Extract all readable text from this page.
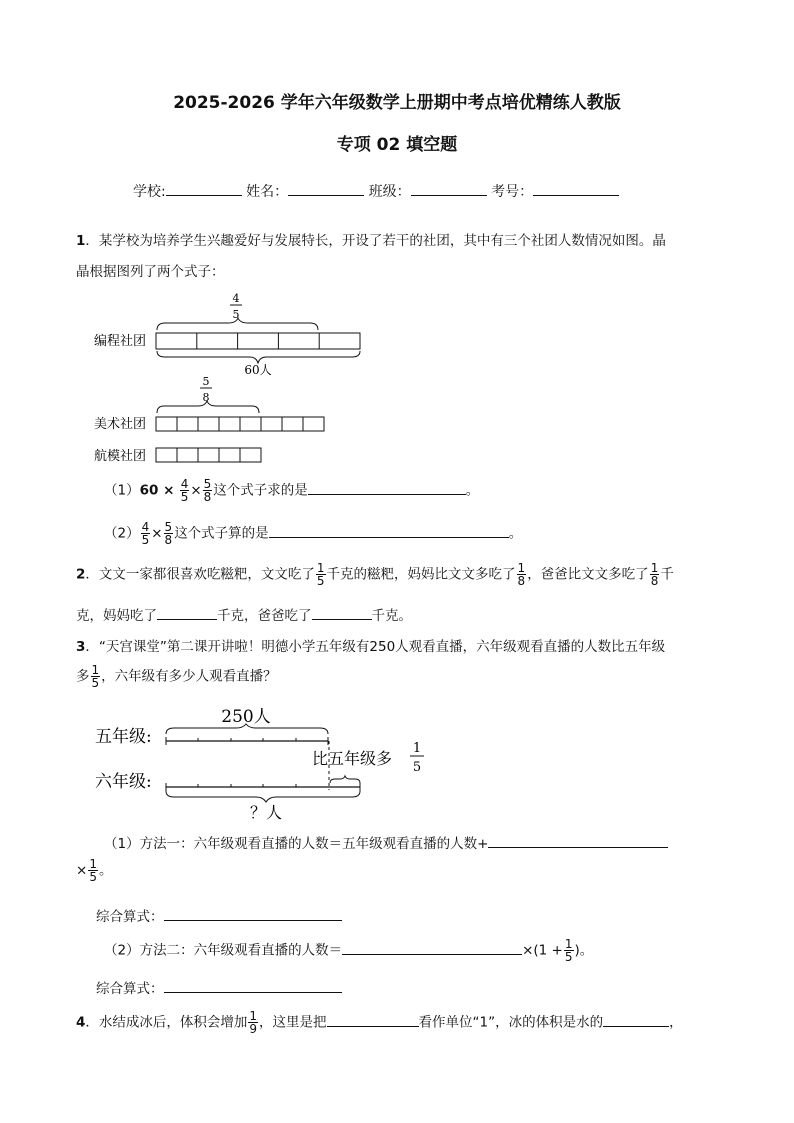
2025-2026 学年六年级数学上册期中考点培优精练人教版
专项 02 填空题
学校:	姓名：	班级：	考号：
1．某学校为培养学生兴趣爱好与发展特长，开设了若干的社团，其中有三个社团人数情况如图。晶
晶根据图列了两个式子：
4
5
编程社团
60人
5
8
美术社团
航模社团
$(1)60 \times \frac{4}{5} \times \frac{5}{8}$ 这个式子求的是	。
$(2) \frac{4}{5} \times \frac{5}{8}$ 这个式子算的是	。
2．文文一家都很喜欢吃糍粑，文文吃了 $\frac{1}{5}$ 千克的糍粑，妈妈比文文多吃了 $\frac{1}{8}$ ，爸爸比文文多吃了 $\frac{1}{8}$ 千
克，妈妈吃了	千克，爸爸吃了	千克。
3．“天宫课堂”第二课开讲啦！明德小学五年级有250人观看直播，六年级观看直播的人数比五年级
多 $\frac{1}{5}$ ，六年级有多少人观看直播？
五年级:
六年级:
250人
比五年级多
1
5
？人
（1）方法一：六年级观看直播的人数＝五年级观看直播的人数+
× $\frac{1}{5}$ 。
综合算式：
（2）方法二：六年级观看直播的人数＝	$\times(1 + \frac{1}{5}$ )。
综合算式：
4．水结成冰后，体积会增加 $\frac{1}{9}$ ，这里是把	看作单位“1”，冰的体积是水的	，
